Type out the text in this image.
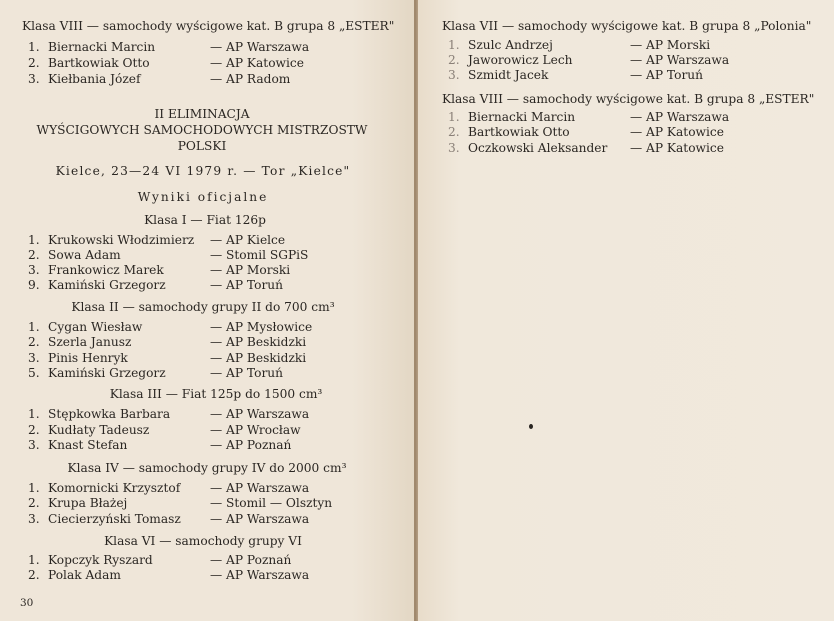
Klasa VIII — samochody wyścigowe kat. B grupa 8 „ESTER"
1. Biernacki Marcin	— AP Warszawa
2. Bartkowiak Otto	— AP Katowice
3. Kiełbania Józef	— AP Radom
II ELIMINACJA
WYŚCIGOWYCH SAMOCHODOWYCH MISTRZOSTW
POLSKI
Kielce, 23—24 VI 1979 r. — Tor „Kielce"
Wyniki oficjalne
Klasa I — Fiat 126p
1. Krukowski Włodzimierz — AP Kielce
2. Sowa Adam	— Stomil SGPiS
3. Frankowicz Marek	— AP Morski
9. Kamiński Grzegorz	— AP Toruń
Klasa II — samochody grupy II do 700 cm³
1. Cygan Wiesław	— AP Mysłowice
2. Szerla Janusz	— AP Beskidzki
3. Pinis Henryk	— AP Beskidzki
5. Kamiński Grzegorz	— AP Toruń
Klasa III — Fiat 125p do 1500 cm³
1. Stępkowka Barbara	— AP Warszawa
2. Kudłaty Tadeusz	— AP Wrocław
3. Knast Stefan	— AP Poznań
Klasa IV — samochody grupy IV do 2000 cm³
1. Komornicki Krzysztof — AP Warszawa
2. Krupa Błażej	— Stomil — Olsztyn
3. Ciecierzyński Tomasz — AP Warszawa
Klasa VI — samochody grupy VI
1. Kopczyk Ryszard	— AP Poznań
2. Polak Adam	— AP Warszawa
30
Klasa VII — samochody wyścigowe kat. B grupa 8 „Polonia"
1. Szulc Andrzej	— AP Morski
2. Jaworowicz Lech	— AP Warszawa
3. Szmidt Jacek	— AP Toruń
Klasa VIII — samochody wyścigowe kat. B grupa 8 „ESTER"
1. Biernacki Marcin	— AP Warszawa
2. Bartkowiak Otto	— AP Katowice
3. Oczkowski Aleksander — AP Katowice
